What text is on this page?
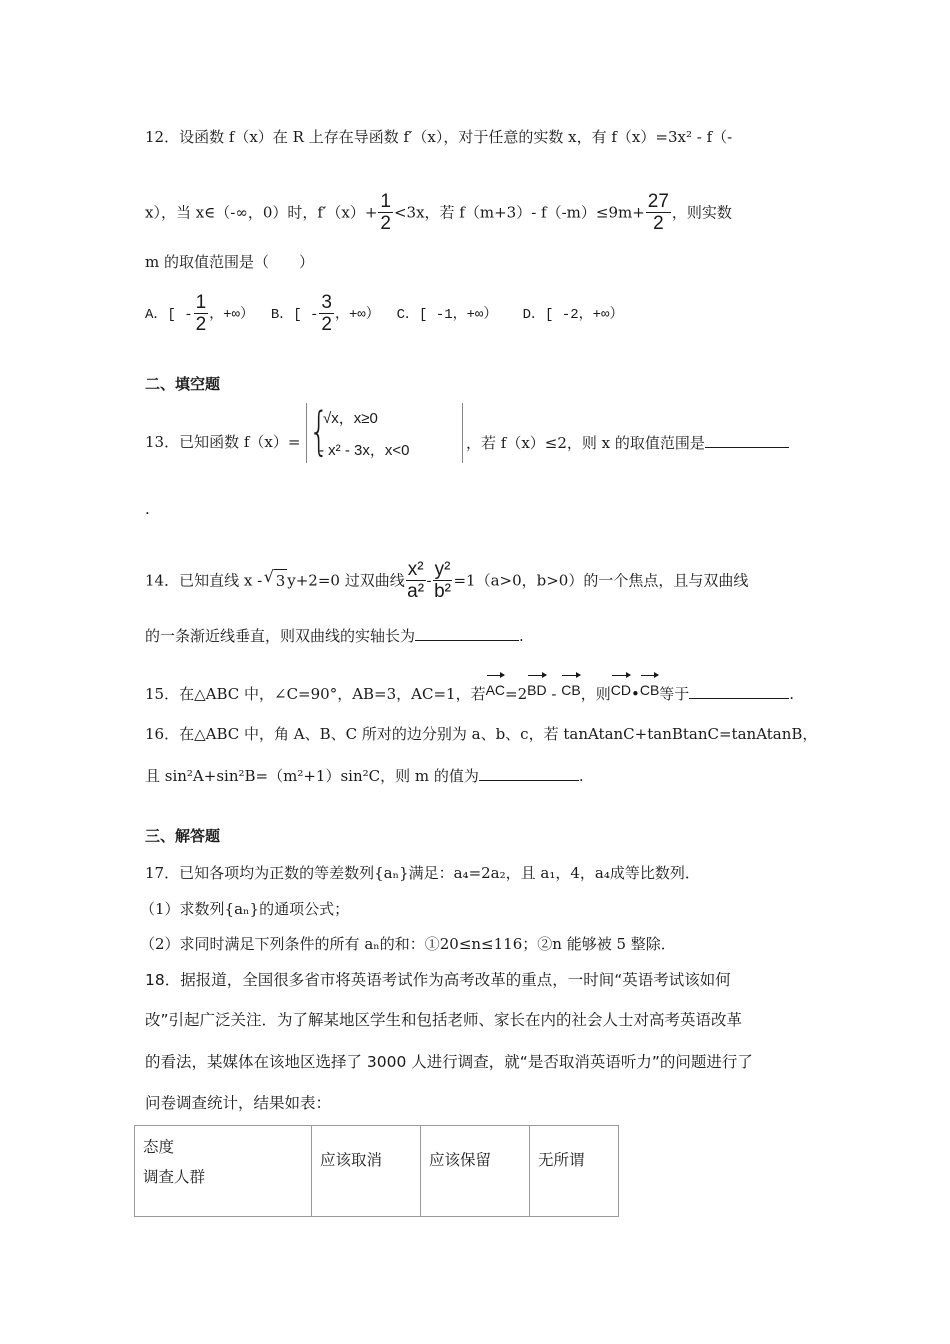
12．设函数 f（x）在 R 上存在导函数 f′（x），对于任意的实数 x，有 f（x）=3x² - f（-
x），当 x∈（-∞，0）时，$f'(x)+ \frac{1}{2} <3x$，若 f（m+3）- $f(-m)\le 9m+ \frac{27}{2}$ ，则实数
m 的取值范围是（　　）
A．[ - $\frac{1}{2}$ ，+∞） B．[ - $\frac{3}{2}$ ，+∞） C．[ -1，+∞） D．[ -2，+∞）
二、填空题
13．已知函数 f（x）= {
√x，x≥0
- x² - 3x，x<0	，若 f（x）≤2，则 x 的取值范围是
.
14．已知直线 x -  √ 3 y+2=0 过双曲线 $\frac{\text{x²}}{\text{a²}} - \frac{\text{y²}}{\text{b²}} =1(a>0$，b>0）的一个焦点，且与双曲线
的一条渐近线垂直，则双曲线的实轴长为	.
15．在△ABC 中，∠C=90°，AB=3，AC=1，若AC=2BD - CB，则CD•CB等于	.
16．在△ABC 中，角 A、B、C 所对的边分别为 a、b、c，若 tanAtanC+tanBtanC=tanAtanB，
且 sin²A+sin²B=（m²+1）sin²C，则 m 的值为	.
三、解答题
17．已知各项均为正数的等差数列{aₙ}满足：a₄=2a₂，且 a₁，4，a₄成等比数列．
（1）求数列{aₙ}的通项公式；
（2）求同时满足下列条件的所有 aₙ的和：①20≤n≤116；②n 能够被 5 整除．
18．据报道，全国很多省市将英语考试作为高考改革的重点，一时间“英语考试该如何
改”引起广泛关注．为了解某地区学生和包括老师、家长在内的社会人士对高考英语改革
的看法，某媒体在该地区选择了 3000 人进行调查，就“是否取消英语听力”的问题进行了
问卷调查统计，结果如表：
态度
调查人群
	应该取消	应该保留	无所谓
